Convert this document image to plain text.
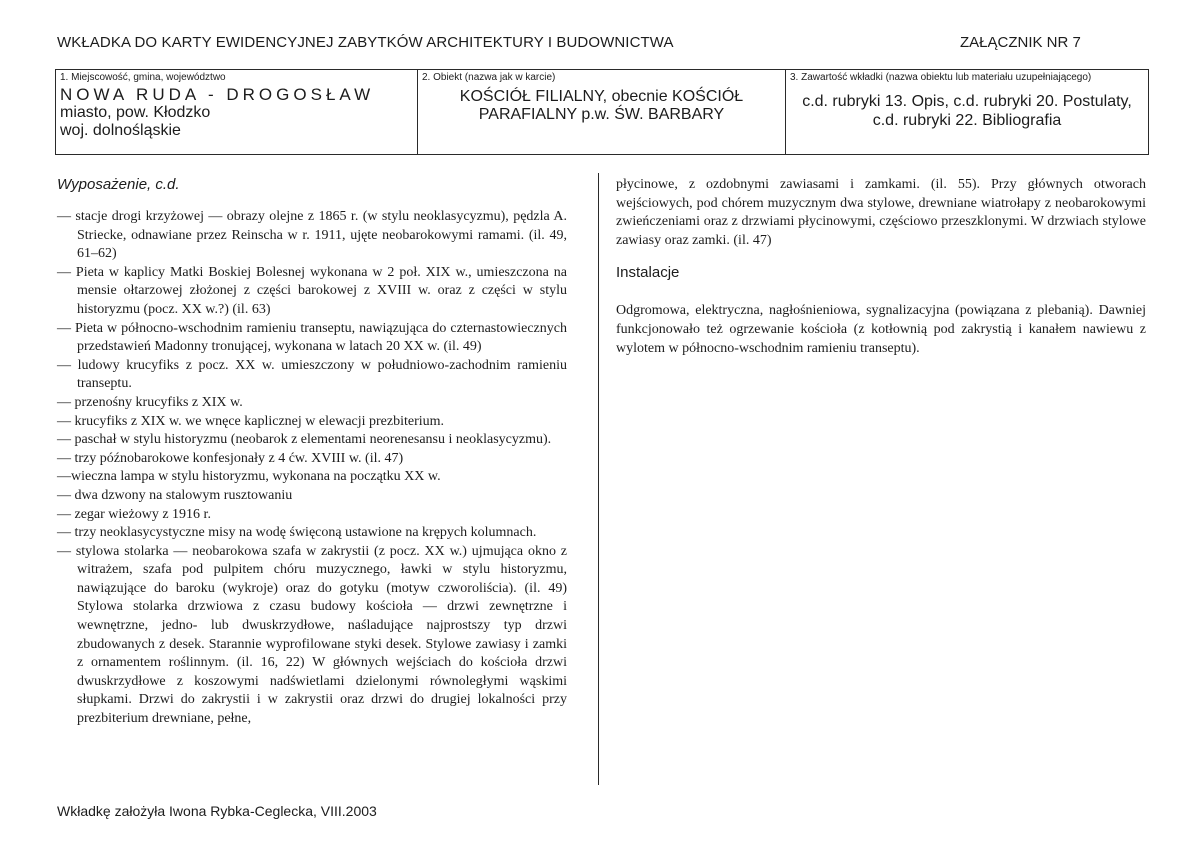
WKŁADKA DO KARTY EWIDENCYJNEJ ZABYTKÓW ARCHITEKTURY I BUDOWNICTWA	ZAŁĄCZNIK NR 7
1. Miejscowość, gmina, województwo
NOWA RUDA - DROGOSŁAW
miasto, pow. Kłodzko
woj. dolnośląskie
2. Obiekt (nazwa jak w karcie)
KOŚCIÓŁ FILIALNY, obecnie KOŚCIÓŁ PARAFIALNY p.w. ŚW. BARBARY
3. Zawartość wkładki (nazwa obiektu lub materiału uzupełniającego)
c.d. rubryki 13. Opis, c.d. rubryki 20. Postulaty, c.d. rubryki 22. Bibliografia
Wyposażenie, c.d.
— stacje drogi krzyżowej — obrazy olejne z 1865 r. (w stylu neoklasycyzmu), pędzla A. Striecke, odnawiane przez Reinscha w r. 1911, ujęte neobarokowymi ramami. (il. 49, 61–62)
— Pieta w kaplicy Matki Boskiej Bolesnej wykonana w 2 poł. XIX w., umieszczona na mensie ołtarzowej złożonej z części barokowej z XVIII w. oraz z części w stylu historyzmu (pocz. XX w.?) (il. 63)
— Pieta w północno-wschodnim ramieniu transeptu, nawiązująca do czternastowiecznych przedstawień Madonny tronującej, wykonana w latach 20 XX w. (il. 49)
— ludowy krucyfiks z pocz. XX w. umieszczony w południowo-zachodnim ramieniu transeptu.
— przenośny krucyfiks z XIX w.
— krucyfiks z XIX w. we wnęce kaplicznej w elewacji prezbiterium.
— paschał w stylu historyzmu (neobarok z elementami neorenesansu i neoklasycyzmu).
— trzy późnobarokowe konfesjonały z 4 ćw. XVIII w. (il. 47)
—wieczna lampa w stylu historyzmu, wykonana na początku XX w.
— dwa dzwony na stalowym rusztowaniu
— zegar wieżowy z 1916 r.
— trzy neoklasycystyczne misy na wodę święconą ustawione na krępych kolumnach.
— stylowa stolarka — neobarokowa szafa w zakrystii (z pocz. XX w.) ujmująca okno z witrażem, szafa pod pulpitem chóru muzycznego, ławki w stylu historyzmu, nawiązujące do baroku (wykroje) oraz do gotyku (motyw czworoliścia). (il. 49) Stylowa stolarka drzwiowa z czasu budowy kościoła — drzwi zewnętrzne i wewnętrzne, jedno- lub dwuskrzydłowe, naśladujące najprostszy typ drzwi zbudowanych z desek. Starannie wyprofilowane styki desek. Stylowe zawiasy i zamki z ornamentem roślinnym. (il. 16, 22) W głównych wejściach do kościoła drzwi dwuskrzydłowe z koszowymi nadświetlami dzielonymi równoległymi wąskimi słupkami. Drzwi do zakrystii i w zakrystii oraz drzwi do drugiej lokalności przy prezbiterium drewniane, pełne,
płycinowe, z ozdobnymi zawiasami i zamkami. (il. 55). Przy głównych otworach wejściowych, pod chórem muzycznym dwa stylowe, drewniane wiatrołapy z neobarokowymi zwieńczeniami oraz z drzwiami płycinowymi, częściowo przeszklonymi. W drzwiach stylowe zawiasy oraz zamki. (il. 47)
Instalacje
Odgromowa, elektryczna, nagłośnieniowa, sygnalizacyjna (powiązana z plebanią). Dawniej funkcjonowało też ogrzewanie kościoła (z kotłownią pod zakrystią i kanałem nawiewu z wylotem w północno-wschodnim ramieniu transeptu).
Wkładkę założyła Iwona Rybka-Ceglecka, VIII.2003
